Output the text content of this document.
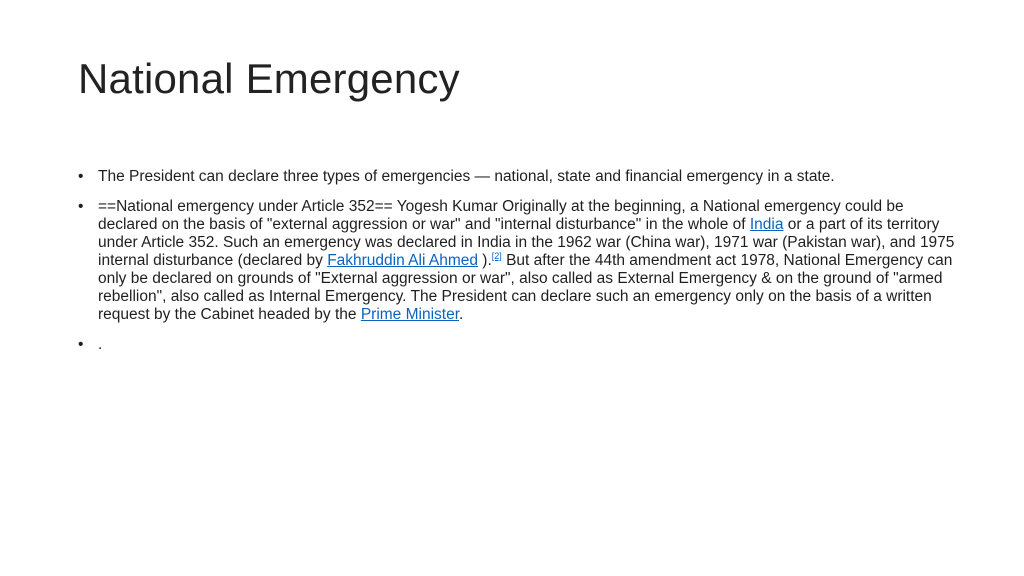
National Emergency
• The President can declare three types of emergencies — national, state and financial emergency in a state.
• ==National emergency under Article 352== Yogesh Kumar Originally at the beginning, a National emergency could be declared on the basis of "external aggression or war" and "internal disturbance" in the whole of India or a part of its territory under Article 352. Such an emergency was declared in India in the 1962 war (China war), 1971 war (Pakistan war), and 1975 internal disturbance (declared by Fakhruddin Ali Ahmed ).[2] But after the 44th amendment act 1978, National Emergency can only be declared on grounds of "External aggression or war", also called as External Emergency & on the ground of "armed rebellion", also called as Internal Emergency. The President can declare such an emergency only on the basis of a written request by the Cabinet headed by the Prime Minister.
• .
